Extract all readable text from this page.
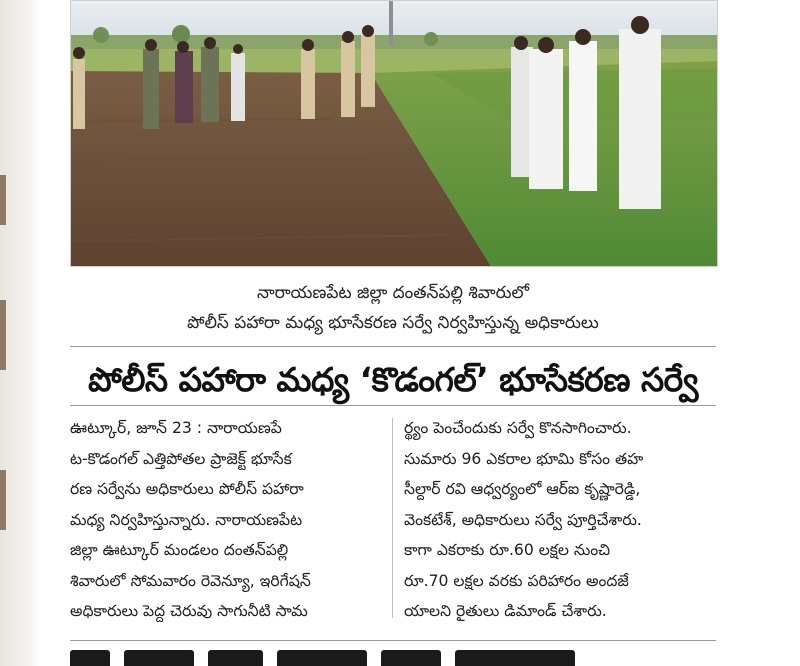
నారాయణపేట జిల్లా దంతన్‌పల్లి శివారులో
పోలీస్ పహారా మధ్య భూసేకరణ సర్వే నిర్వహిస్తున్న అధికారులు
పోలీస్ పహారా మధ్య ‘కొడంగల్’ భూసేకరణ సర్వే
ఊట్కూర్, జూన్ 23 : నారాయణపే
ట-కొడంగల్ ఎత్తిపోతల ప్రాజెక్ట్ భూసేక
రణ సర్వేను అధికారులు పోలీస్ పహారా
మధ్య నిర్వహిస్తున్నారు. నారాయణపేట
జిల్లా ఊట్కూర్ మండలం దంతన్‌పల్లి
శివారులో సోమవారం రెవెన్యూ, ఇరిగేషన్
అధికారులు పెద్ద చెరువు సాగునీటి సామ
ర్థ్యం పెంచేందుకు సర్వే కొనసాగించారు.
సుమారు 96 ఎకరాల భూమి కోసం తహ
సీల్దార్ రవి ఆధ్వర్యంలో ఆర్ఐ కృష్ణారెడ్డి,
వెంకటేశ్, అధికారులు సర్వే పూర్తిచేశారు.
కాగా ఎకరాకు రూ.60 లక్షల నుంచి
రూ.70 లక్షల వరకు పరిహారం అందజే
యాలని రైతులు డిమాండ్ చేశారు.
